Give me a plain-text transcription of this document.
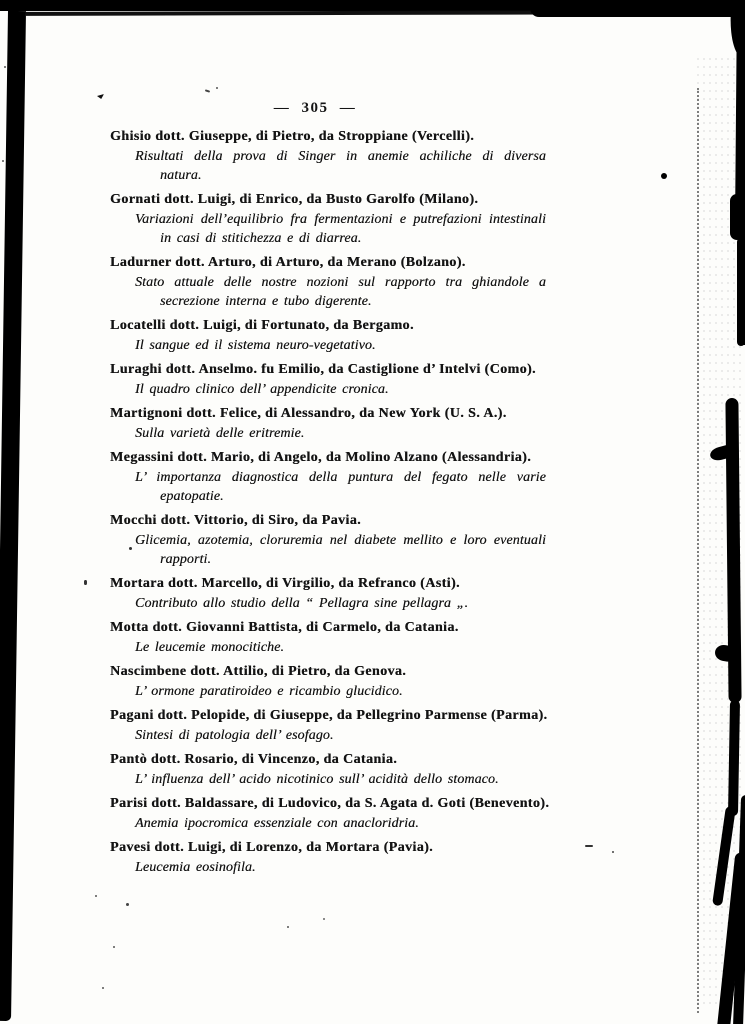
— 305 —
Ghisio dott. Giuseppe, di Pietro, da Stroppiane (Vercelli).
Risultati della prova di Singer in anemie achiliche di diversa natura.
Gornati dott. Luigi, di Enrico, da Busto Garolfo (Milano).
Variazioni dell’equilibrio fra fermentazioni e putrefazioni intestinali in casi di stitichezza e di diarrea.
Ladurner dott. Arturo, di Arturo, da Merano (Bolzano).
Stato attuale delle nostre nozioni sul rapporto tra ghiandole a secrezione interna e tubo digerente.
Locatelli dott. Luigi, di Fortunato, da Bergamo.
Il sangue ed il sistema neuro-vegetativo.
Luraghi dott. Anselmo. fu Emilio, da Castiglione d’ Intelvi (Como).
Il quadro clinico dell’ appendicite cronica.
Martignoni dott. Felice, di Alessandro, da New York (U. S. A.).
Sulla varietà delle eritremie.
Megassini dott. Mario, di Angelo, da Molino Alzano (Alessandria).
L’ importanza diagnostica della puntura del fegato nelle varie epatopatie.
Mocchi dott. Vittorio, di Siro, da Pavia.
Glicemia, azotemia, cloruremia nel diabete mellito e loro eventuali rapporti.
Mortara dott. Marcello, di Virgilio, da Refranco (Asti).
Contributo allo studio della “ Pellagra sine pellagra „.
Motta dott. Giovanni Battista, di Carmelo, da Catania.
Le leucemie monocitiche.
Nascimbene dott. Attilio, di Pietro, da Genova.
L’ ormone paratiroideo e ricambio glucidico.
Pagani dott. Pelopide, di Giuseppe, da Pellegrino Parmense (Parma).
Sintesi di patologia dell’ esofago.
Pantò dott. Rosario, di Vincenzo, da Catania.
L’ influenza dell’ acido nicotinico sull’ acidità dello stomaco.
Parisi dott. Baldassare, di Ludovico, da S. Agata d. Goti (Benevento).
Anemia ipocromica essenziale con anacloridria.
Pavesi dott. Luigi, di Lorenzo, da Mortara (Pavia).
Leucemia eosinofila.
